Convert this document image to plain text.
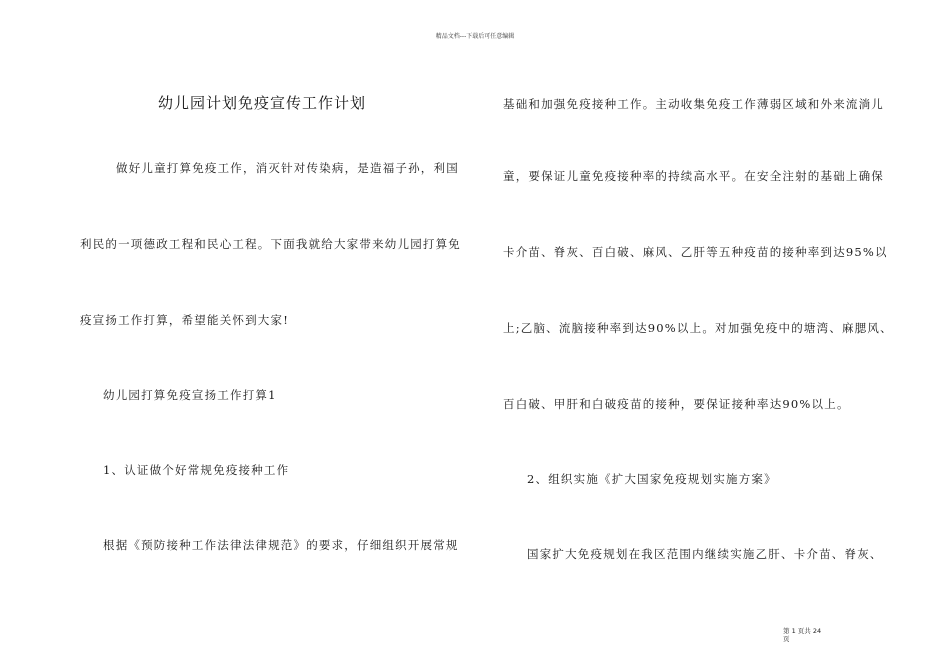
精品文档---下载后可任意编辑
幼儿园计划免疫宣传工作计划
做好儿童打算免疫工作，消灭针对传染病，是造福子孙，利国
利民的一项德政工程和民心工程。下面我就给大家带来幼儿园打算免
疫宣扬工作打算，希望能关怀到大家!
幼儿园打算免疫宣扬工作打算1
1、认证做个好常规免疫接种工作
根据《预防接种工作法律法律规范》的要求，仔细组织开展常规
基础和加强免疫接种工作。主动收集免疫工作薄弱区域和外来流淌儿
童，要保证儿童免疫接种率的持续高水平。在安全注射的基础上确保
卡介苗、脊灰、百白破、麻风、乙肝等五种疫苗的接种率到达95%以
上;乙脑、流脑接种率到达90%以上。对加强免疫中的塘湾、麻腮风、
百白破、甲肝和白破疫苗的接种，要保证接种率达90%以上。
2、组织实施《扩大国家免疫规划实施方案》
国家扩大免疫规划在我区范围内继续实施乙肝、卡介苗、脊灰、
第 1 页共 24
页
